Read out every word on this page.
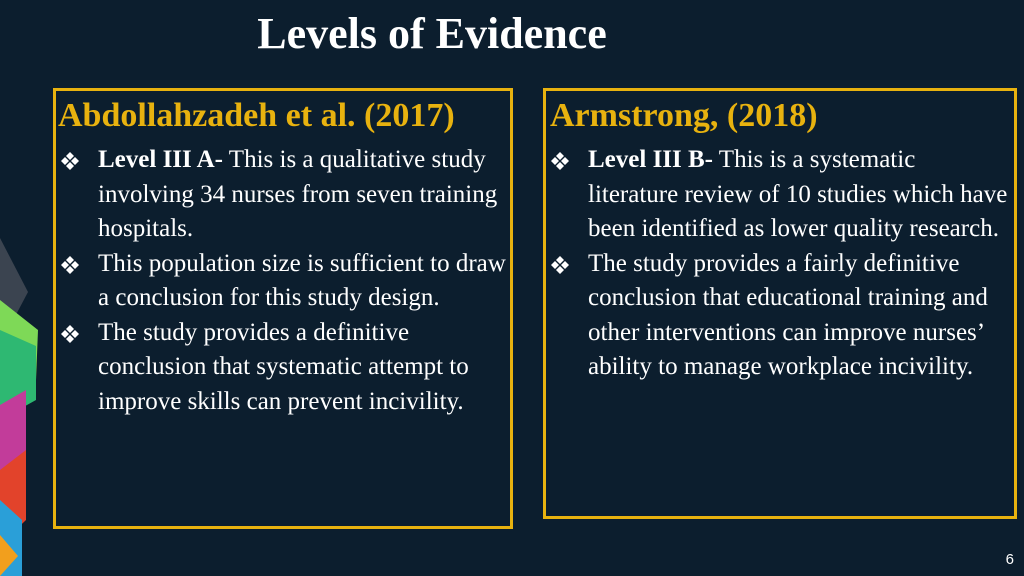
Levels of Evidence
Abdollahzadeh et al. (2017)
Level III A- This is a qualitative study involving 34 nurses from seven training hospitals.
This population size is sufficient to draw a conclusion for this study design.
The study provides a definitive conclusion that systematic attempt to improve skills can prevent incivility.
Armstrong, (2018)
Level III B- This is a systematic literature review of 10 studies which have been identified as lower quality research.
The study provides a fairly definitive conclusion that educational training and other interventions can improve nurses’ ability to manage workplace incivility.
6
